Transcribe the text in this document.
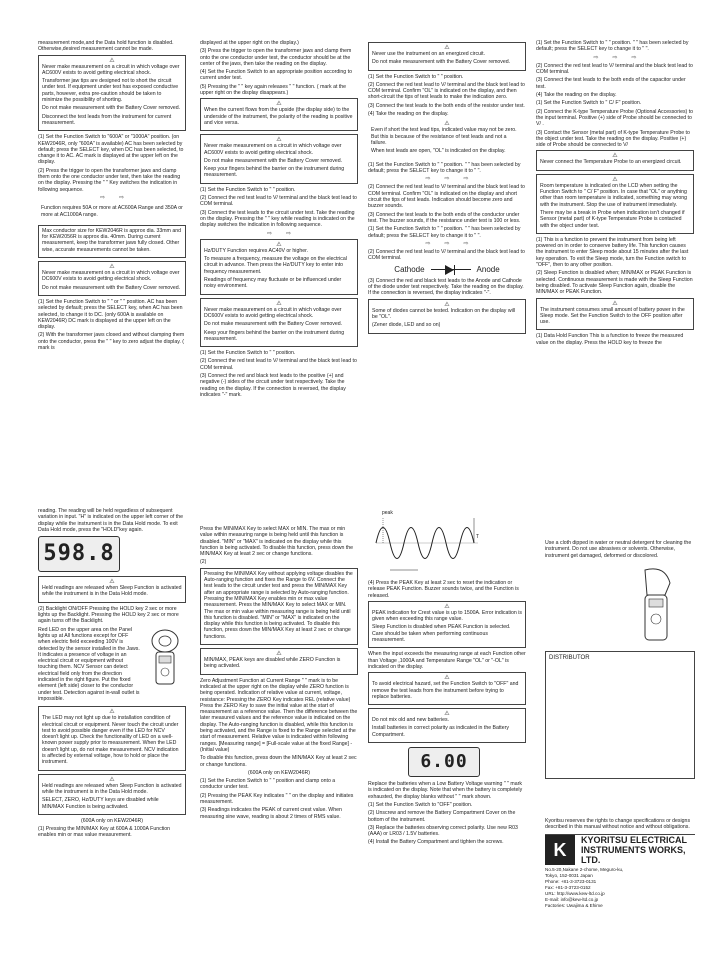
measurement mode,and the Data hold function is disabled. Otherwise,desired measurement cannot be made.

⚠

Never make measurement on a circuit in which voltage over AC600V exists to avoid getting electrical shock.

Transformer jaw tips are designed not to short the circuit under test. If equipment under test has exposed conductive parts, however, extra pre-caution should be taken to minimize the possibility of shorting.

Do not make measurement with the Battery Cover removed.

Disconnect the test leads from the instrument for current measurement.

(1) Set the Function Switch to "600A" or "1000A" position. (on KEW2046R, only "600A" is available) AC has been selected by default; press the SELECT key, when DC has been selected, to change it to AC. AC mark is displayed at the upper left on the display.

(2) Press the trigger to open the transformer jaws and clamp them onto the one conductor under test, then take the reading on the display. Pressing the " " Key switches the indication in following sequence.

⇨ ⇨

Function requires 50A or more at AC600A Range and 350A or more at AC1000A range.

Max conductor size for KEW2046R is approx dia. 33mm and for KEW2056R is approx dia. 40mm. During current measurement, keep the transformer jaws fully closed. Other wise, accurate measurements cannot be taken.

⚠

Never make measurement on a circuit in which voltage over DC600V exists to avoid getting electrical shock.

Do not make measurement with the Battery Cover removed.

(1) Set the Function Switch to " " or " " position. AC has been selected by default; press the SELECT key, when AC has been selected, to change it to DC. (only 600A is available on KEW2046R) DC mark is displayed at the upper left on the display.

(2) With the transformer jaws closed and without clamping them onto the conductor, press the " " key to zero adjust the display. ( mark is

displayed at the upper right on the display.)

(3) Press the trigger to open the transformer jaws and clamp them onto the one conductor under test, the conductor should be at the center of the jaws, then take the reading on the display.

(4) Set the Function Switch to an appropriate position according to current under test.

(5) Pressing the " " key again releases " " function. ( mark at the upper right on the display disappears.)

⚠

When the current flows from the upside (the display side) to the underside of the instrument, the polarity of the reading is positive and vice versa.

⚠

Never make measurement on a circuit in which voltage over AC600V exists to avoid getting electrical shock.

Do not make measurement with the Battery Cover removed.

Keep your fingers behind the barrier on the instrument during measurement.

(1) Set the Function Switch to " " position.

(2) Connect the red test lead to V/ terminal and the black test lead to COM terminal.

(3) Connect the test leads to the circuit under test. Take the reading on the display. Pressing the " " key while reading is indicated on the display switches the indication in following sequence.

⇨ ⇨
⚠

Hz/DUTY Function requires AC40V or higher.

To measure a frequency, measure the voltage on the electrical circuit in advance. Then press the Hz/DUTY key to enter into frequency measurement.

Readings of frequency may fluctuate or be influenced under noisy environment.

⚠

Never make measurement on a circuit in which voltage over DC600V exists to avoid getting electrical shock.

Do not make measurement with the Battery Cover removed.

Keep your fingers behind the barrier on the instrument during measurement.

(1) Set the Function Switch to " " position.

(2) Connect the red test lead to V/ terminal and the black test lead to COM terminal.

(3) Connect the red and black test leads to the positive (+) and negative (-) sides of the circuit under test respectively. Take the reading on the display. If the connection is reversed, the display indicates "-" mark.

⚠

Never use the instrument on an energized circuit.

Do not make measurement with the Battery Cover removed.

(1) Set the Function Switch to " " position.

(2) Connect the red test lead to V/ terminal and the black test lead to COM terminal. Confirm "OL" is indicated on the display, and then short-circuit the tips of test leads to make the indication zero.

(3) Connect the test leads to the both ends of the resistor under test.

(4) Take the reading on the display.

⚠

Even if short the test lead tips, indicated value may not be zero. But this is because of the resistance of test leads and not a failure.

When test leads are open, "OL" is indicated on the display.

(1) Set the Function Switch to " " position. " " has been selected by default; press the SELECT key to change it to " ".

⇨ ⇨ ⇨

(2) Connect the red test lead to V/ terminal and the black test lead to COM terminal. Confirm "OL" is indicated on the display and short circuit the tips of test leads. Indication should become zero and buzzer sounds.

(3) Connect the test leads to the both ends of the conductor under test. The buzzer sounds, if the resistance under test is 100 or less.

(1) Set the Function Switch to " " position. " " has been selected by default; press the SELECT key to change it to " ".

⇨ ⇨ ⇨

(2) Connect the red test lead to V/ terminal and the black test lead to COM terminal.

Cathode	Anode

(3) Connect the red and black test leads to the Anode and Cathode of the diode under test respectively. Take the reading on the display. If the connection is reversed, the display indicates "-".

⚠

Some of diodes cannot be tested. Indication on the display will be "OL".

(Zener diode, LED and so on)

(1) Set the Function Switch to " " position. " " has been selected by default; press the SELECT key to change it to " ".

⇨ ⇨ ⇨

(2) Connect the red test lead to V/ terminal and the black test lead to COM terminal.

(3) Connect the test leads to the both ends of the capacitor under test.

(4) Take the reading on the display.

(1) Set the Function Switch to " C/ F" position.

(2) Connect the K-type Temperature Probe (Optional Accessories) to the input terminal. Positive (+) side of Probe should be connected to V/ .

(3) Contact the Sensor (metal part) of K-type Temperature Probe to the object under test. Take the reading on the display. Positive (+) side of Probe should be connected to V/

⚠

Never connect the Temperature Probe to an energized circuit.

⚠

Room temperature is indicated on the LCD when setting the Function Switch to " C/ F" position. In case that "OL" or anything other than room temperature is indicated, something may wrong with the instrument. Stop the use of instrument immediately.

There may be a break in Probe when indication isn't changed if Sensor (metal part) of K-type Temperature Probe is contacted with the object under test.

(1) This is a function to prevent the instrument from being left powered on in order to conserve battery life. This function causes the instrument to enter Sleep mode about 15 minutes after the last key operation. To exit the Sleep mode, turn the Function switch to "OFF", then to any other position.

(2) Sleep Function is disabled when; MIN/MAX or PEAK Function is selected. Continuous measurement is made with the Sleep Function being disabled. To activate Sleep Function again, disable the MIN/MAX or PEAK Function.

⚠

The instrument consumes small amount of battery power in the Sleep mode. Set the Function Switch to the OFF position after use.

(1) Data Hold Function This is a function to freeze the measured value on the display. Press the HOLD key to freeze the

reading. The reading will be held regardless of subsequent variation in input. "H" is indicated on the upper left corner of the display while the instrument is in the Data Hold mode. To exit Data Hold mode, press the "HOLD"key again.

598.8
⚠

Held readings are released when Sleep Function is activated while the instrument is in the Data Hold mode.

(2) Backlight ON/OFF Pressing the HOLD key 2 sec or more lights up the Backlight. Pressing the HOLD key 2 sec or more again turns off the Backlight.

Red LED on the upper area on the Panel lights up at All functions except for OFF when electric field exceeding 100V is detected by the sensor installed in the Jaws. It indicates a presence of voltage in an electrical circuit or equipment without touching them. NCV Sensor can detect electrical field only from the direction indicated in the right figure. Put the fixed element (left side) closer to the conductor under test. Detection against in-wall outlet is impossible.

⚠

The LED may not light up due to installation condition of electrical circuit or equipment. Never touch the circuit under test to avoid possible danger even if the LED for NCV doesn't light up. Check the functionality of LED on a well-known power supply prior to measurement. When the LED doesn't light up, do not make measurement. NCV indication is affected by external voltage, how to hold or place the instrument.

⚠

Held readings are released when Sleep Function is activated while the instrument is in the Data Hold mode.

SELECT, ZERO, Hz/DUTY keys are disabled while MIN/MAX Function is being activated.

(600A only on KEW2046R)

(1) Pressing the MIN/MAX Key at 600A & 1000A Function enables min or max value measurement.

Press the MIN/MAX Key to select MAX or MIN. The max or min value within measuring range is being held until this function is disabled. "MIN" or "MAX" is indicated on the display while this function is being activated. To disable this function, press down the MIN/MAX Key at least 2 sec or change functions.

(2)

Pressing the MIN/MAX Key without applying voltage disables the Auto-ranging function and fixes the Range to 6V. Connect the test leads to the circuit under test and press the MIN/MAX Key after an appropriate range is selected by Auto-ranging function. Pressing the MIN/MAX Key enables min or max value measurement. Press the MIN/MAX Key to select MAX or MIN. The max or min value within measuring range is being held until this function is disabled. "MIN" or "MAX" is indicated on the display while this function is being activated. To disable this function, press down the MIN/MAX Key at least 2 sec or change functions.

⚠

MIN/MAX, PEAK keys are disabled while ZERO Function is being activated.

Zero Adjustment Function at Current Range " " mark is to be indicated at the upper right on the display while ZERO function is being operated. Indication of relative value at current, voltage, resistance: Pressing the ZERO Key indicates REL (relative value) Press the ZERO Key to save the initial value at the start of measurement as a reference value. Then the difference between the later measured values and the reference value is indicated on the display. The Auto-ranging function is disabled, while this function is being activated, and the Range is fixed to the Range selected at the start of measurement. Relative value is indicated within following ranges. [Measuring range] = [Full-scale value at the fixed Range] - (Initial value)

To disable this function, press down the MIN/MAX Key at least 2 sec or change functions.

(600A only on KEW2046R)

(1) Set the Function Switch to " " position and clamp onto a conductor under test.

(2) Pressing the PEAK Key indicates " " on the display and initiates measurement.

(3) Readings indicates the PEAK of current crest value. When measuring sine wave, reading is about 2 times of RMS value.

peak
T

(4) Press the PEAK Key at least 2 sec to reset the indication or release PEAK Function. Buzzer sounds twice, and the Function is released.

⚠

PEAK indication for Crest value is up to 1500A. Error indication is given when exceeding this range value.

Sleep Function is disabled when PEAK Function is selected. Care should be taken when performing continuous measurement.

When the input exceeds the measuring range at each Function other than Voltage ,1000A and Temperature Range "OL" or "-OL" is indicated on the display.

⚠

To avoid electrical hazard, set the Function Switch to "OFF" and remove the test leads from the instrument before trying to replace batteries.

⚠

Do not mix old and new batteries.

Install batteries in correct polarity as indicated in the Battery Compartment.

6.00

Replace the batteries when a Low Battery Voltage warning " " mark is indicated on the display. Note that when the battery is completely exhausted, the display blanks without " " mark shown.

(1) Set the Function Switch to "OFF" position.

(2) Unscrew and remove the Battery Compartment Cover on the bottom of the instrument.

(3) Replace the batteries observing correct polarity. Use new R03 (AAA) or LR03 / 1.5V batteries.

(4) Install the Battery Compartment and tighten the screws.

Use a cloth dipped in water or neutral detergent for cleaning the instrument. Do not use abrasives or solvents. Otherwise, instrument get damaged, deformed or discolored.

DISTRIBUTOR

Kyoritsu reserves the rights to change specifications or designs described in this manual without notice and without obligations.

K	KYORITSU ELECTRICAL INSTRUMENTS WORKS, LTD.
No.5-20,Nakane 2-chome, Meguro-ku,
Tokyo, 152-0031 Japan
Phone: +81-3-3723-0131
Fax: +81-3-3723-0152
URL: http://www.kew-ltd.co.jp
E-mail: info@kew-ltd.co.jp
Factories: Uwajima & Ehime
